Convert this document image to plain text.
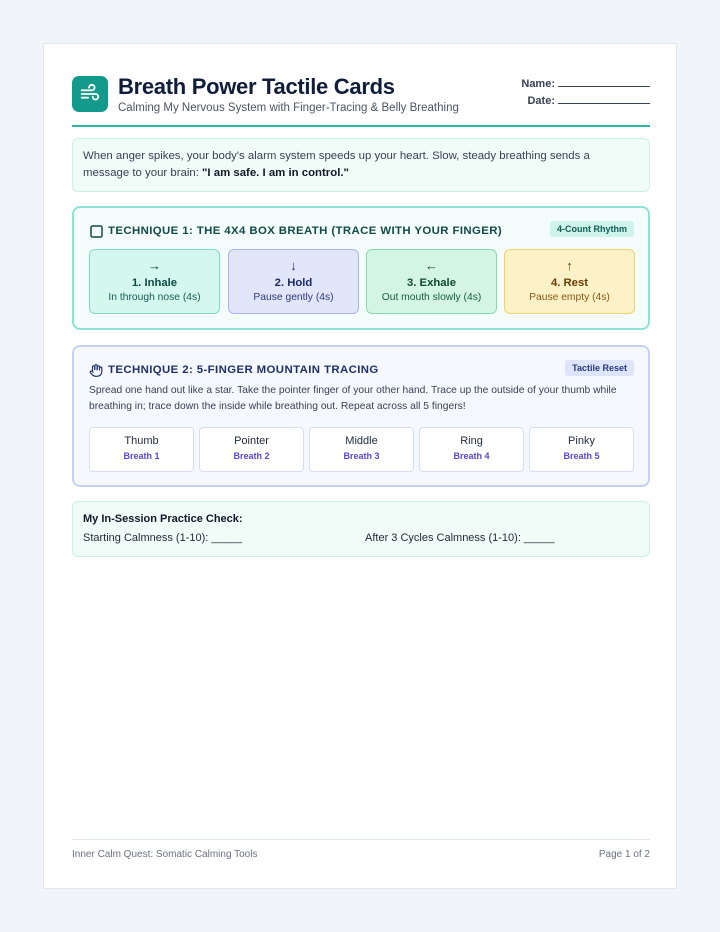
Breath Power Tactile Cards
Calming My Nervous System with Finger-Tracing & Belly Breathing
Name:
Date:
When anger spikes, your body's alarm system speeds up your heart. Slow, steady breathing sends a message to your brain: "I am safe. I am in control."
TECHNIQUE 1: THE 4X4 BOX BREATH (TRACE WITH YOUR FINGER)	4-Count Rhythm
→
1. Inhale
In through nose (4s)
↓
2. Hold
Pause gently (4s)
←
3. Exhale
Out mouth slowly (4s)
↑
4. Rest
Pause empty (4s)
TECHNIQUE 2: 5-FINGER MOUNTAIN TRACING	Tactile Reset
Spread one hand out like a star. Take the pointer finger of your other hand. Trace up the outside of your thumb while breathing in; trace down the inside while breathing out. Repeat across all 5 fingers!
Thumb
Breath 1
Pointer
Breath 2
Middle
Breath 3
Ring
Breath 4
Pinky
Breath 5
My In-Session Practice Check:
Starting Calmness (1-10): _____	After 3 Cycles Calmness (1-10): _____
Inner Calm Quest: Somatic Calming Tools	Page 1 of 2
